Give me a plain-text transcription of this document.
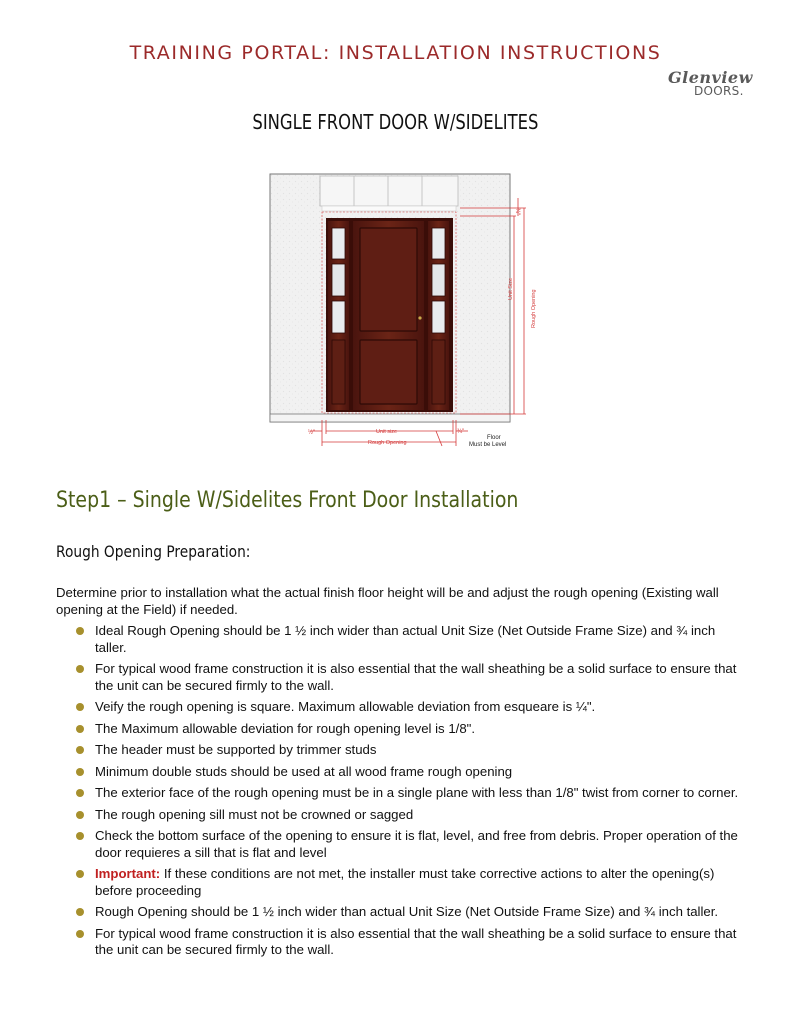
TRAINING PORTAL: INSTALLATION INSTRUCTIONS
Glenview
DOORS.
SINGLE FRONT DOOR W/SIDELITES
¾"
Unit Size
Rough Opening
½"	Unit size
Rough Opening
¾"
Floor
Must be Level
Step1 – Single W/Sidelites Front Door Installation
Rough Opening Preparation:

Determine prior to installation what the actual finish floor height will be and adjust the rough opening (Existing wall opening at the Field) if needed.

Ideal Rough Opening should be 1 ½ inch wider than actual Unit Size (Net Outside Frame Size) and ¾ inch taller.
For typical wood frame construction it is also essential that the wall sheathing be a solid surface to ensure that the unit can be secured firmly to the wall.
Veify the rough opening is square. Maximum allowable deviation from esqueare is ¼".
The Maximum allowable deviation for rough opening level is 1/8".
The header must be supported by trimmer studs
Minimum double studs should be used at all wood frame rough opening
The exterior face of the rough opening must be in a single plane with less than 1/8" twist from corner to corner.
The rough opening sill must not be crowned or sagged
Check the bottom surface of the opening to ensure it is flat, level, and free from debris. Proper operation of the door requieres a sill that is flat and level
Important: If these conditions are not met, the installer must take corrective actions to alter the opening(s) before proceeding
Rough Opening should be 1 ½ inch wider than actual Unit Size (Net Outside Frame Size) and ¾ inch taller.
For typical wood frame construction it is also essential that the wall sheathing be a solid surface to ensure that the unit can be secured firmly to the wall.
